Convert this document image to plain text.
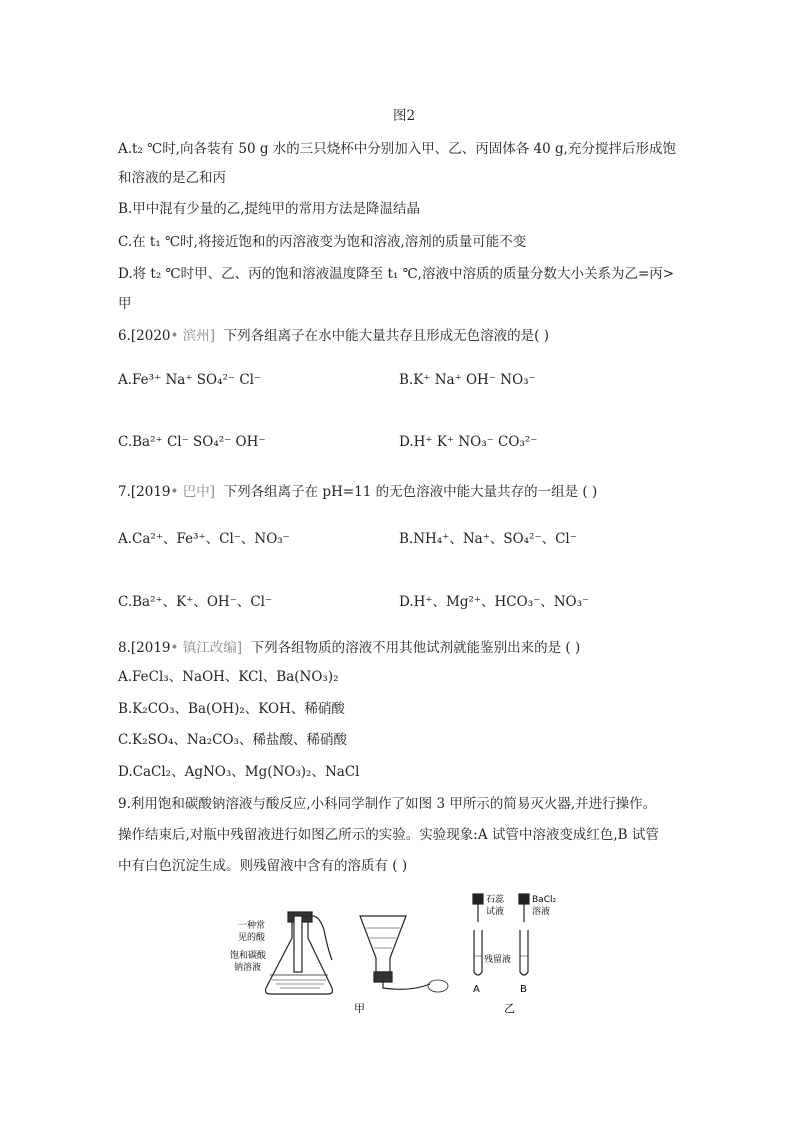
图2
A.t₂ ℃时,向各装有 50 g 水的三只烧杯中分别加入甲、乙、丙固体各 40 g,充分搅拌后形成饱
和溶液的是乙和丙
B.甲中混有少量的乙,提纯甲的常用方法是降温结晶
C.在 t₁ ℃时,将接近饱和的丙溶液变为饱和溶液,溶剂的质量可能不变
D.将 t₂ ℃时甲、乙、丙的饱和溶液温度降至 t₁ ℃,溶液中溶质的质量分数大小关系为乙=丙>
甲
6.[2020• 滨州] 下列各组离子在水中能大量共存且形成无色溶液的是( )
A.Fe³⁺ Na⁺ SO₄²⁻ Cl⁻	B.K⁺ Na⁺ OH⁻ NO₃⁻
C.Ba²⁺ Cl⁻ SO₄²⁻ OH⁻	D.H⁺ K⁺ NO₃⁻ CO₃²⁻
7.[2019• 巴中] 下列各组离子在 pH=11 的无色溶液中能大量共存的一组是 ( )
A.Ca²⁺、Fe³⁺、Cl⁻、NO₃⁻	B.NH₄⁺、Na⁺、SO₄²⁻、Cl⁻
C.Ba²⁺、K⁺、OH⁻、Cl⁻	D.H⁺、Mg²⁺、HCO₃⁻、NO₃⁻
8.[2019• 镇江改编] 下列各组物质的溶液不用其他试剂就能鉴别出来的是 ( )
A.FeCl₃、NaOH、KCl、Ba(NO₃)₂
B.K₂CO₃、Ba(OH)₂、KOH、稀硝酸
C.K₂SO₄、Na₂CO₃、稀盐酸、稀硝酸
D.CaCl₂、AgNO₃、Mg(NO₃)₂、NaCl
9.利用饱和碳酸钠溶液与酸反应,小科同学制作了如图 3 甲所示的简易灭火器,并进行操作。
操作结束后,对瓶中残留液进行如图乙所示的实验。实验现象:A 试管中溶液变成红色,B 试管
中有白色沉淀生成。则残留液中含有的溶质有 ( )
一种常
见的酸
饱和碳酸
钠溶液
石蕊
试液
BaCl₂
溶液
残留液
A	B
甲	乙
